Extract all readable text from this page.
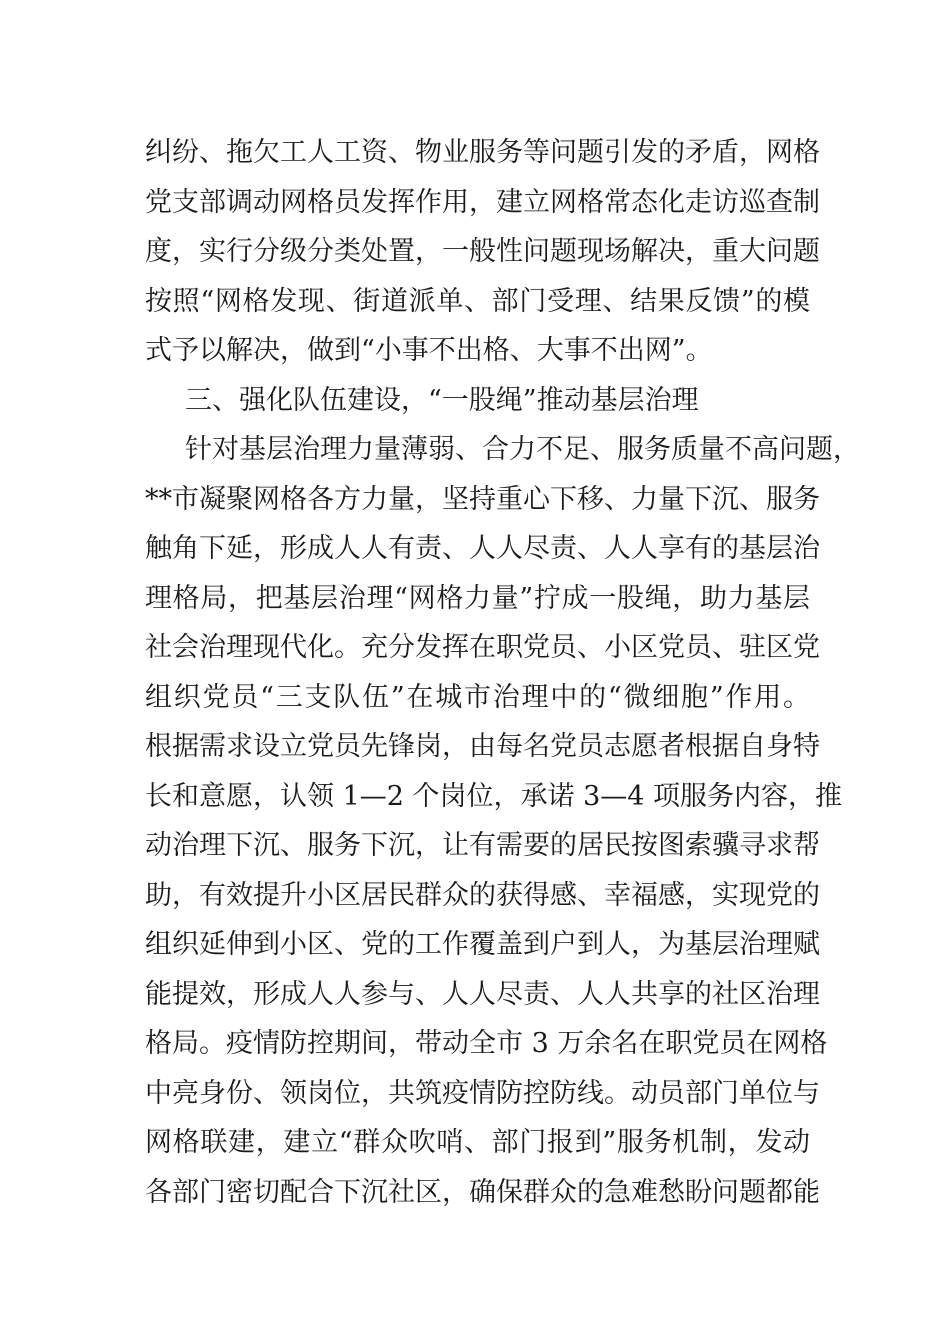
纠纷、拖欠工人工资、物业服务等问题引发的矛盾，网格
党支部调动网格员发挥作用，建立网格常态化走访巡查制
度，实行分级分类处置，一般性问题现场解决，重大问题
按照“网格发现、街道派单、部门受理、结果反馈”的模
式予以解决，做到“小事不出格、大事不出网”。
三、强化队伍建设，“一股绳”推动基层治理
针对基层治理力量薄弱、合力不足、服务质量不高问题，
**市凝聚网格各方力量，坚持重心下移、力量下沉、服务
触角下延，形成人人有责、人人尽责、人人享有的基层治
理格局，把基层治理“网格力量”拧成一股绳，助力基层
社会治理现代化。充分发挥在职党员、小区党员、驻区党
组织党员“三支队伍”在城市治理中的“微细胞”作用。
根据需求设立党员先锋岗，由每名党员志愿者根据自身特
长和意愿，认领 1—2 个岗位，承诺 3—4 项服务内容，推
动治理下沉、服务下沉，让有需要的居民按图索骥寻求帮
助，有效提升小区居民群众的获得感、幸福感，实现党的
组织延伸到小区、党的工作覆盖到户到人，为基层治理赋
能提效，形成人人参与、人人尽责、人人共享的社区治理
格局。疫情防控期间，带动全市 3 万余名在职党员在网格
中亮身份、领岗位，共筑疫情防控防线。动员部门单位与
网格联建，建立“群众吹哨、部门报到”服务机制，发动
各部门密切配合下沉社区，确保群众的急难愁盼问题都能
